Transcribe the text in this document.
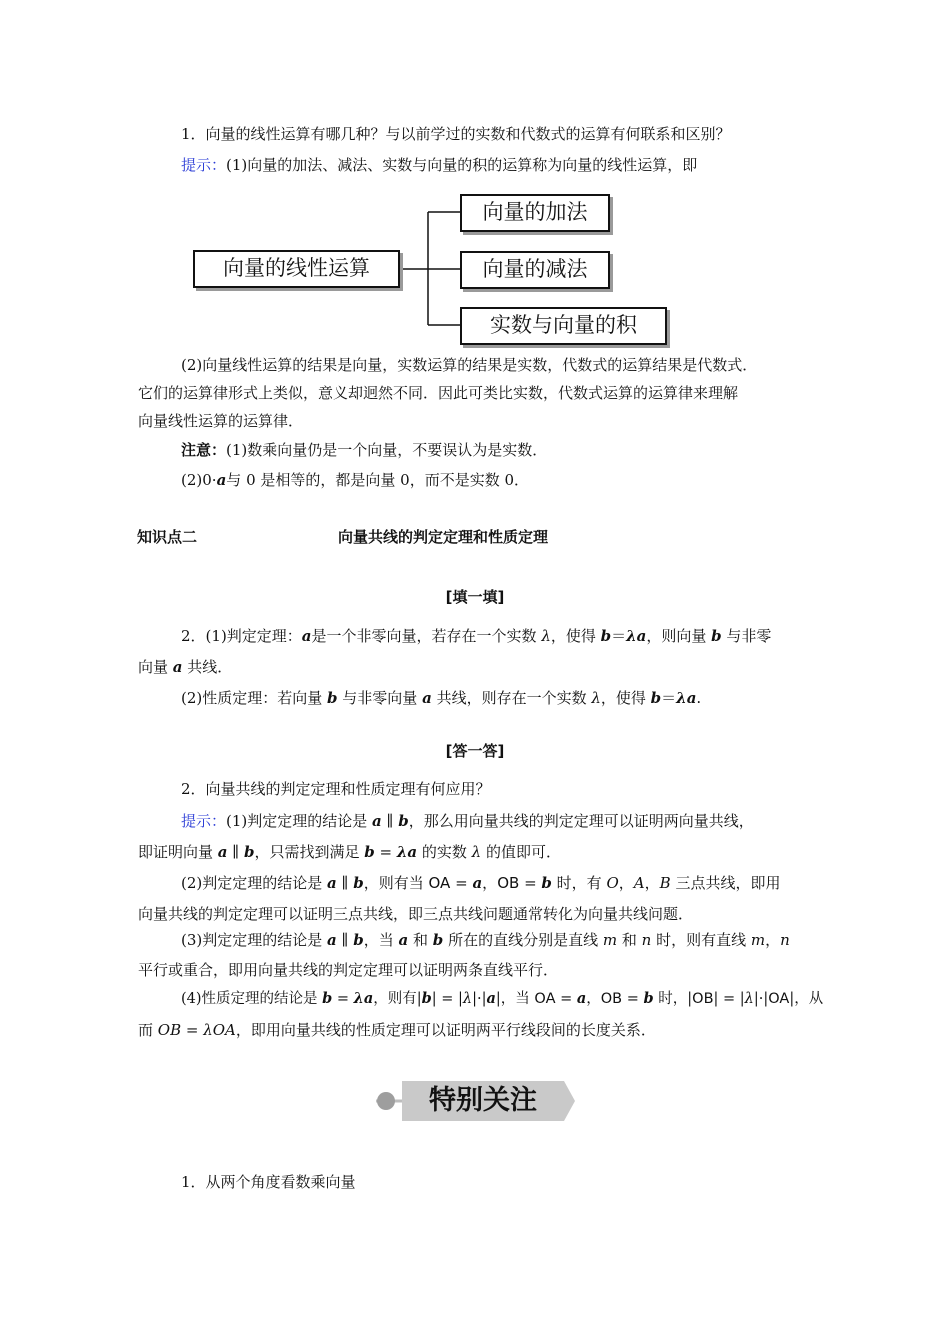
1．向量的线性运算有哪几种？与以前学过的实数和代数式的运算有何联系和区别？
提示：(1)向量的加法、减法、实数与向量的积的运算称为向量的线性运算，即
向量的线性运算
向量的加法
向量的减法
实数与向量的积
(2)向量线性运算的结果是向量，实数运算的结果是实数，代数式的运算结果是代数式．
它们的运算律形式上类似，意义却迥然不同．因此可类比实数，代数式运算的运算律来理解
向量线性运算的运算律．
注意：(1)数乘向量仍是一个向量，不要误认为是实数．
(2)0·a与 0 是相等的，都是向量 0，而不是实数 0．
知识点二	向量共线的判定定理和性质定理
[填一填]
2．(1)判定定理：a是一个非零向量，若存在一个实数 λ，使得 b＝λa，则向量 b 与非零
向量 a 共线．
(2)性质定理：若向量 b 与非零向量 a 共线，则存在一个实数 λ，使得 b＝λa.
[答一答]
2．向量共线的判定定理和性质定理有何应用？
提示：(1)判定定理的结论是 a ∥ b，那么用向量共线的判定定理可以证明两向量共线，
即证明向量 a ∥ b，只需找到满足 b = λa 的实数 λ 的值即可．
(2)判定定理的结论是 a ∥ b，则有当 OA = a，OB = b 时，有 O，A，B 三点共线，即用
向量共线的判定定理可以证明三点共线，即三点共线问题通常转化为向量共线问题．
(3)判定定理的结论是 a ∥ b，当 a 和 b 所在的直线分别是直线 m 和 n 时，则有直线 m，n
平行或重合，即用向量共线的判定定理可以证明两条直线平行．
(4)性质定理的结论是 b = λa，则有|b| = |λ|·|a|，当 OA = a，OB = b 时，|OB| = |λ|·|OA|，从
而 OB = λOA，即用向量共线的性质定理可以证明两平行线段间的长度关系．
特别关注
1．从两个角度看数乘向量
